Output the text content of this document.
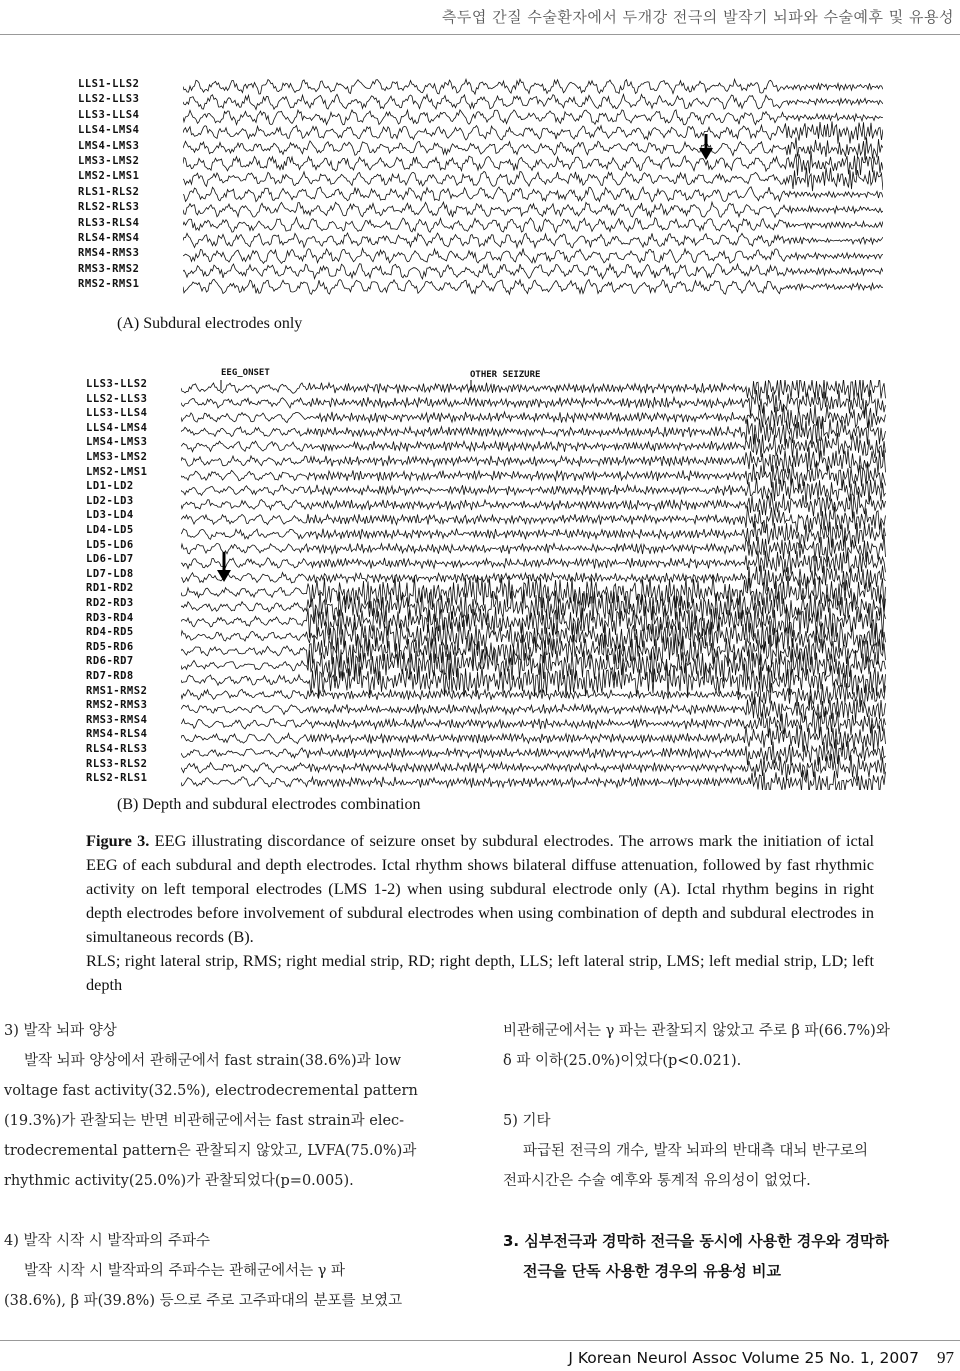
측두엽 간질 수술환자에서 두개강 전극의 발작기 뇌파와 수술예후 및 유용성
LLS1-LLS2
LLS2-LLS3
LLS3-LLS4
LLS4-LMS4
LMS4-LMS3
LMS3-LMS2
LMS2-LMS1
RLS1-RLS2
RLS2-RLS3
RLS3-RLS4
RLS4-RMS4
RMS4-RMS3
RMS3-RMS2
RMS2-RMS1
(A) Subdural electrodes only
LLS3-LLS2
LLS2-LLS3
LLS3-LLS4
LLS4-LMS4
LMS4-LMS3
LMS3-LMS2
LMS2-LMS1
LD1-LD2
LD2-LD3
LD3-LD4
LD4-LD5
LD5-LD6
LD6-LD7
LD7-LD8
RD1-RD2
RD2-RD3
RD3-RD4
RD4-RD5
RD5-RD6
RD6-RD7
RD7-RD8
RMS1-RMS2
RMS2-RMS3
RMS3-RMS4
RMS4-RLS4
RLS4-RLS3
RLS3-RLS2
RLS2-RLS1
EEG_ONSET	OTHER SEIZURE
(B) Depth and subdural electrodes combination

Figure 3. EEG illustrating discordance of seizure onset by subdural electrodes. The arrows mark the initiation of ictal EEG of each subdural and depth electrodes. Ictal rhythm shows bilateral diffuse attenuation, followed by fast rhythmic activity on left temporal electrodes (LMS 1-2) when using subdural electrode only (A). Ictal rhythm begins in right depth electrodes before involvement of subdural electrodes when using combination of depth and subdural electrodes in simultaneous records (B).

RLS; right lateral strip, RMS; right medial strip, RD; right depth, LLS; left lateral strip, LMS; left medial strip, LD; left depth

3) 발작 뇌파 양상
발작 뇌파 양상에서 관해군에서 fast strain(38.6%)과 low
voltage fast activity(32.5%), electrodecremental pattern
(19.3%)가 관찰되는 반면 비관해군에서는 fast strain과 elec-
trodecremental pattern은 관찰되지 않았고, LVFA(75.0%)과
rhythmic activity(25.0%)가 관찰되었다(p=0.005).
4) 발작 시작 시 발작파의 주파수
발작 시작 시 발작파의 주파수는 관해군에서는 γ 파
(38.6%), β 파(39.8%) 등으로 주로 고주파대의 분포를 보였고
비관해군에서는 γ 파는 관찰되지 않았고 주로 β 파(66.7%)와
δ 파 이하(25.0%)이었다(p<0.021).
5) 기타
파급된 전극의 개수, 발작 뇌파의 반대측 대뇌 반구로의
전파시간은 수술 예후와 통계적 유의성이 없었다.
3. 심부전극과 경막하 전극을 동시에 사용한 경우와 경막하
전극을 단독 사용한 경우의 유용성 비교
J Korean Neurol Assoc Volume 25 No. 1, 2007 97
